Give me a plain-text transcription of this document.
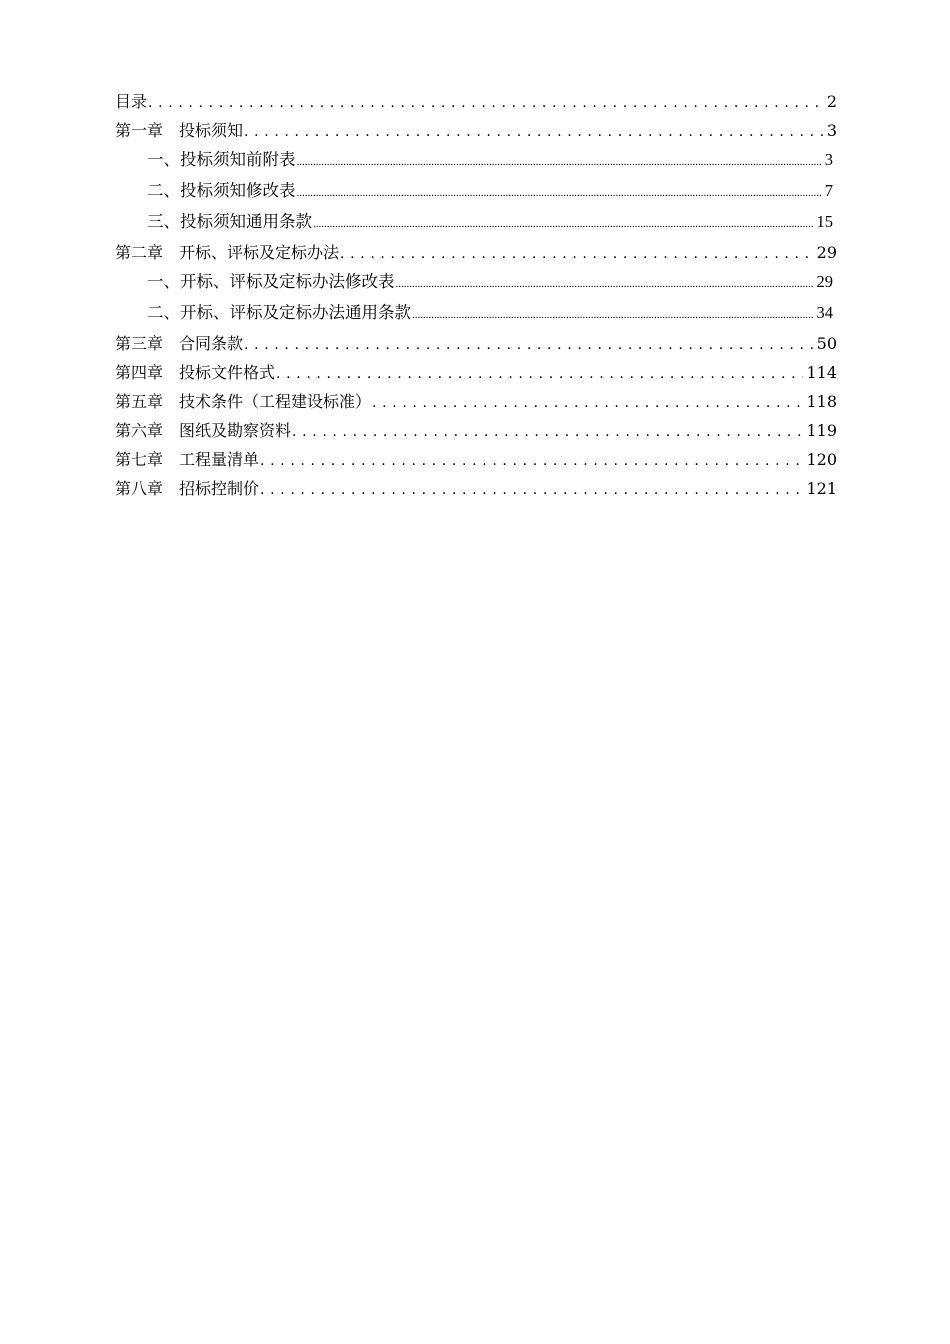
目录 . . .	2
第一章　投标须知 . . .	3
一、投标须知前附表 .....	3
二、投标须知修改表 .....	7
三、投标须知通用条款 .....	15
第二章　开标、评标及定标办法 . . .	29
一、开标、评标及定标办法修改表 .....	29
二、开标、评标及定标办法通用条款 .....	34
第三章　合同条款 . . .	50
第四章　投标文件格式 . . .	114
第五章　技术条件（工程建设标准） . . .	118
第六章　图纸及勘察资料 . . .	119
第七章　工程量清单 . . .	120
第八章　招标控制价 . . .	121
